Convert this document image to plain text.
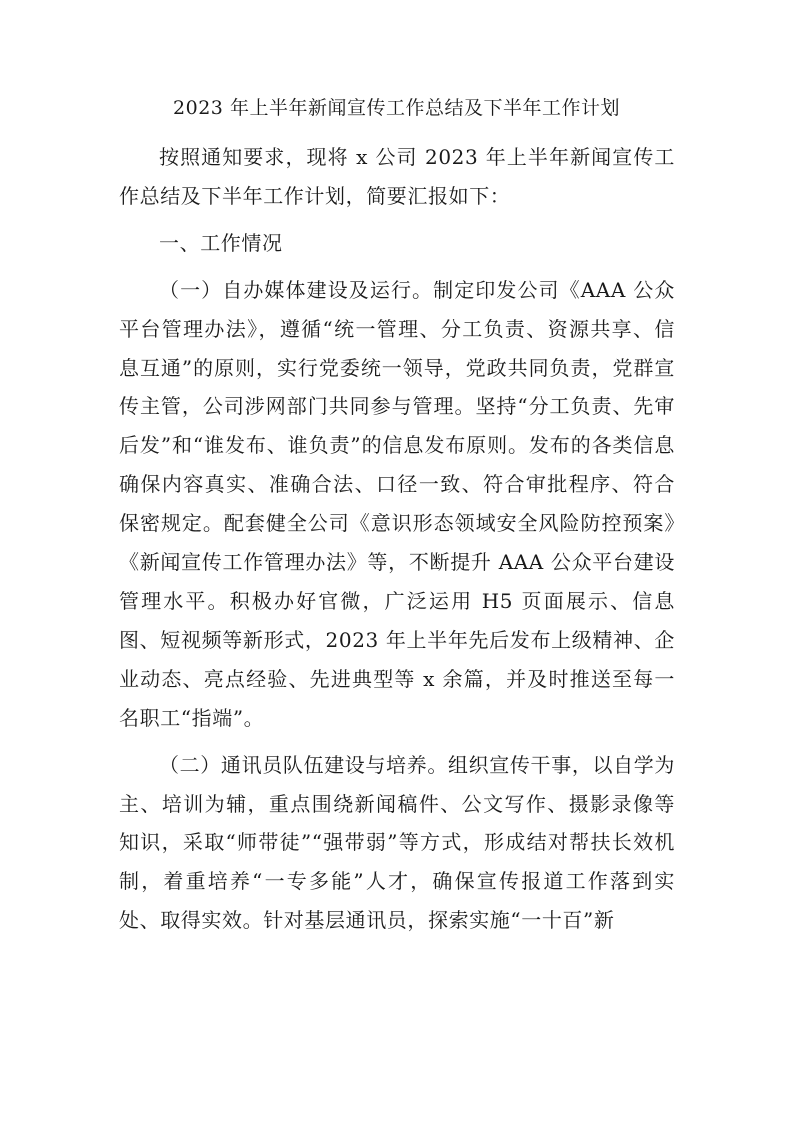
2023 年上半年新闻宣传工作总结及下半年工作计划

按照通知要求，现将 x 公司 2023 年上半年新闻宣传工作总结及下半年工作计划，简要汇报如下：

一、工作情况

（一）自办媒体建设及运行。制定印发公司《AAA 公众平台管理办法》，遵循“统一管理、分工负责、资源共享、信息互通”的原则，实行党委统一领导，党政共同负责，党群宣传主管，公司涉网部门共同参与管理。坚持“分工负责、先审后发”和“谁发布、谁负责”的信息发布原则。发布的各类信息确保内容真实、准确合法、口径一致、符合审批程序、符合保密规定。配套健全公司《意识形态领域安全风险防控预案》《新闻宣传工作管理办法》等，不断提升 AAA 公众平台建设管理水平。积极办好官微，广泛运用 H5 页面展示、信息图、短视频等新形式，2023 年上半年先后发布上级精神、企业动态、亮点经验、先进典型等 x 余篇，并及时推送至每一名职工“指端”。

（二）通讯员队伍建设与培养。组织宣传干事，以自学为主、培训为辅，重点围绕新闻稿件、公文写作、摄影录像等知识，采取“师带徒”“强带弱”等方式，形成结对帮扶长效机制，着重培养“一专多能”人才，确保宣传报道工作落到实处、取得实效。针对基层通讯员，探索实施“一十百”新
